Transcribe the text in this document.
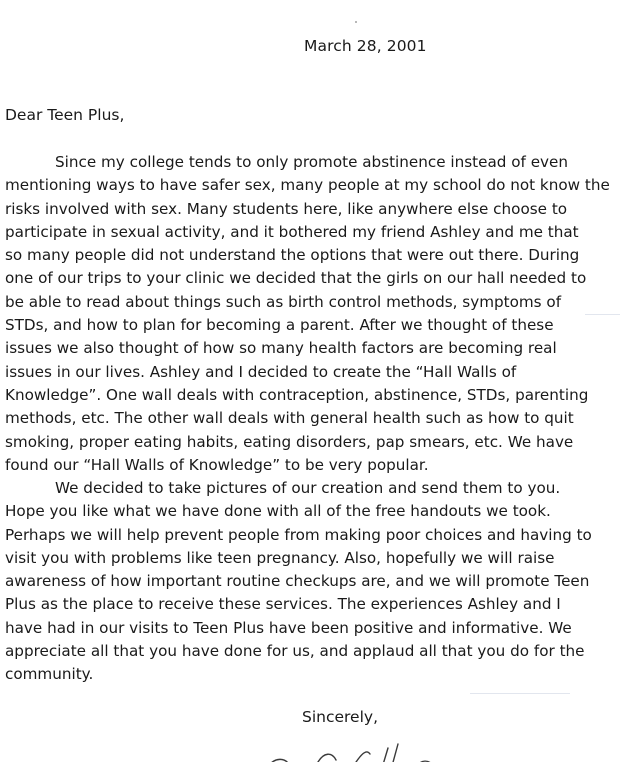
March 28, 2001
Dear Teen Plus,
Since my college tends to only promote abstinence instead of even
mentioning ways to have safer sex, many people at my school do not know the
risks involved with sex. Many students here, like anywhere else choose to
participate in sexual activity, and it bothered my friend Ashley and me that
so many people did not understand the options that were out there. During
one of our trips to your clinic we decided that the girls on our hall needed to
be able to read about things such as birth control methods, symptoms of
STDs, and how to plan for becoming a parent. After we thought of these
issues we also thought of how so many health factors are becoming real
issues in our lives. Ashley and I decided to create the “Hall Walls of
Knowledge”. One wall deals with contraception, abstinence, STDs, parenting
methods, etc. The other wall deals with general health such as how to quit
smoking, proper eating habits, eating disorders, pap smears, etc. We have
found our “Hall Walls of Knowledge” to be very popular.
We decided to take pictures of our creation and send them to you.
Hope you like what we have done with all of the free handouts we took.
Perhaps we will help prevent people from making poor choices and having to
visit you with problems like teen pregnancy. Also, hopefully we will raise
awareness of how important routine checkups are, and we will promote Teen
Plus as the place to receive these services. The experiences Ashley and I
have had in our visits to Teen Plus have been positive and informative. We
appreciate all that you have done for us, and applaud all that you do for the
community.
Sincerely,
